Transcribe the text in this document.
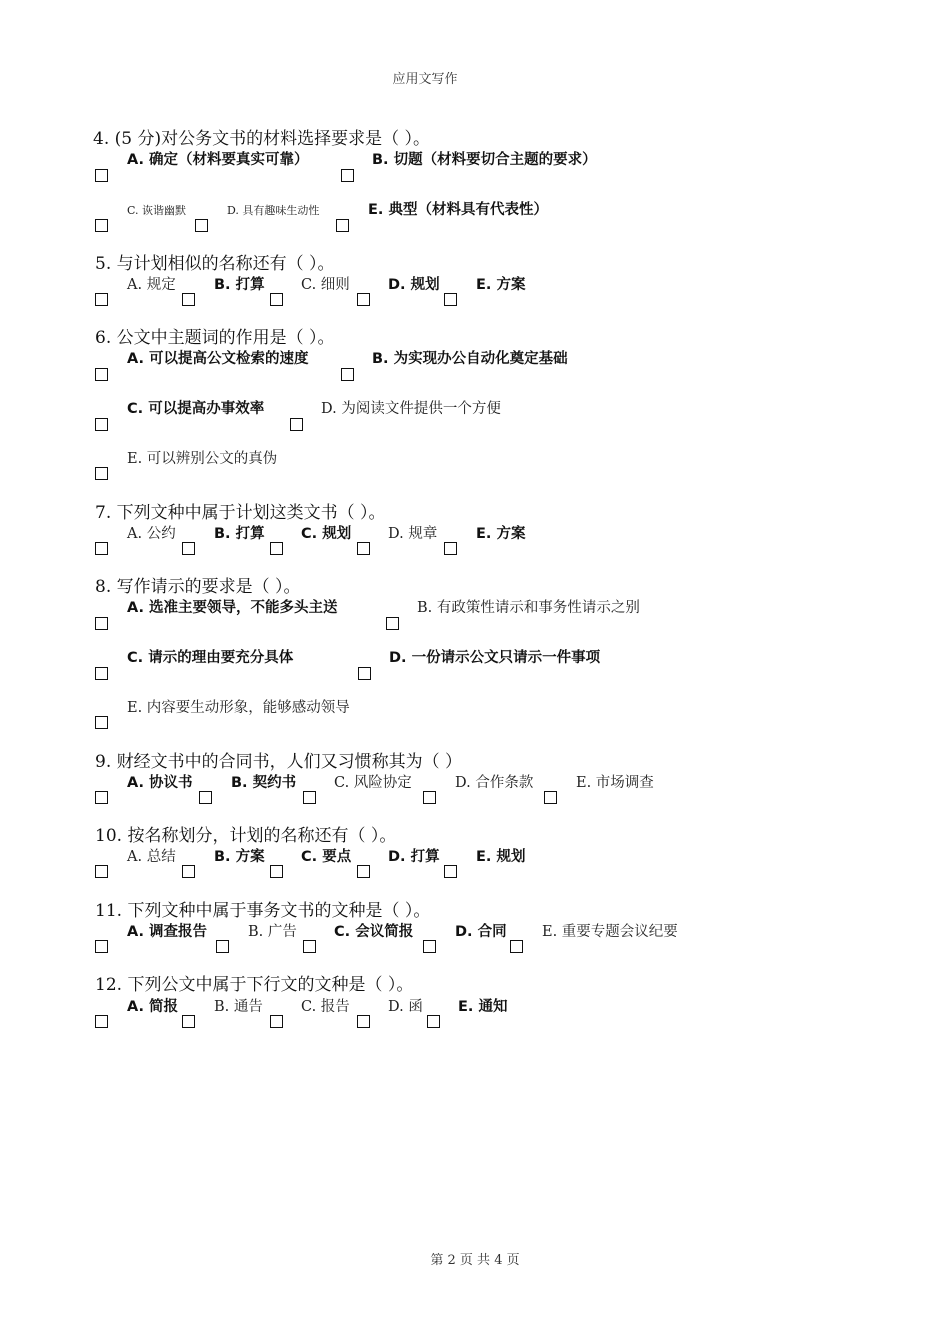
应用文写作
4. (5 分)对公务文书的材料选择要求是（ ）。
A. 确定（材料要真实可靠）	B. 切题（材料要切合主题的要求）
C. 诙谐幽默	D. 具有趣味生动性	E. 典型（材料具有代表性）
5. 与计划相似的名称还有（ ）。
A. 规定	B. 打算	C. 细则	D. 规划	E. 方案
6. 公文中主题词的作用是（ ）。
A. 可以提高公文检索的速度	B. 为实现办公自动化奠定基础
C. 可以提高办事效率	D. 为阅读文件提供一个方便
E. 可以辨别公文的真伪
7. 下列文种中属于计划这类文书（ ）。
A. 公约	B. 打算	C. 规划	D. 规章	E. 方案
8. 写作请示的要求是（ ）。
A. 选准主要领导，不能多头主送	B. 有政策性请示和事务性请示之别
C. 请示的理由要充分具体	D. 一份请示公文只请示一件事项
E. 内容要生动形象，能够感动领导
9. 财经文书中的合同书，人们又习惯称其为（ ）
A. 协议书	B. 契约书	C. 风险协定	D. 合作条款	E. 市场调查
10. 按名称划分，计划的名称还有（ ）。
A. 总结	B. 方案	C. 要点	D. 打算	E. 规划
11. 下列文种中属于事务文书的文种是（ ）。
A. 调查报告	B. 广告	C. 会议简报	D. 合同 E. 重要专题会议纪要
12. 下列公文中属于下行文的文种是（ ）。
A. 简报 B. 通告	C. 报告	D. 函 E. 通知
第 2 页 共 4 页
